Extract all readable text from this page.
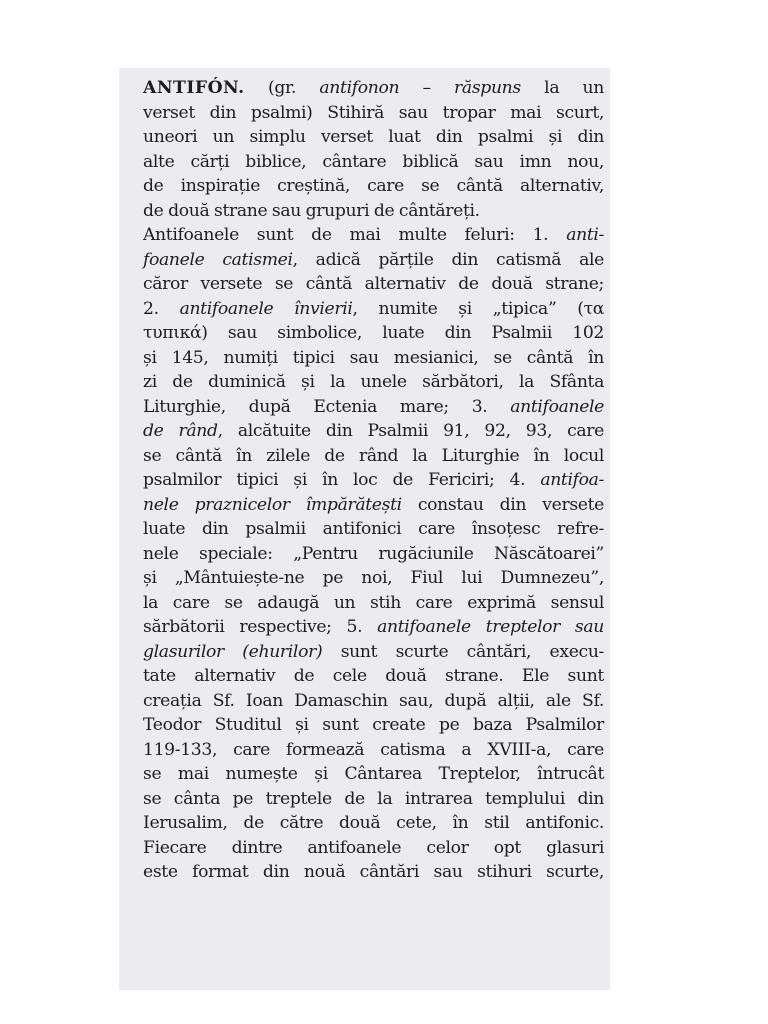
ANTIFÓN. (gr. antifonon – răspuns la un
verset din psalmi) Stihiră sau tropar mai scurt,
uneori un simplu verset luat din psalmi și din
alte cărți biblice, cântare biblică sau imn nou,
de inspirație creștină, care se cântă alternativ,
de două strane sau grupuri de cântăreți.
Antifoanele sunt de mai multe feluri: 1. anti-
foanele catismei, adică părțile din catismă ale
căror versete se cântă alternativ de două strane;
2. antifoanele învierii, numite și „tipica” (τα
τυπικά) sau simbolice, luate din Psalmii 102
și 145, numiți tipici sau mesianici, se cântă în
zi de duminică și la unele sărbători, la Sfânta
Liturghie, după Ectenia mare; 3. antifoanele
de rând, alcătuite din Psalmii 91, 92, 93, care
se cântă în zilele de rând la Liturghie în locul
psalmilor tipici și în loc de Fericiri; 4. antifoa-
nele praznicelor împărătești constau din versete
luate din psalmii antifonici care însoțesc refre-
nele speciale: „Pentru rugăciunile Născătoarei”
și „Mântuiește-ne pe noi, Fiul lui Dumnezeu”,
la care se adaugă un stih care exprimă sensul
sărbătorii respective; 5. antifoanele treptelor sau
glasurilor (ehurilor) sunt scurte cântări, execu-
tate alternativ de cele două strane. Ele sunt
creația Sf. Ioan Damaschin sau, după alții, ale Sf.
Teodor Studitul și sunt create pe baza Psalmilor
119-133, care formează catisma a XVIII-a, care
se mai numește și Cântarea Treptelor, întrucât
se cânta pe treptele de la intrarea templului din
Ierusalim, de către două cete, în stil antifonic.
Fiecare dintre antifoanele celor opt glasuri
este format din nouă cântări sau stihuri scurte,
